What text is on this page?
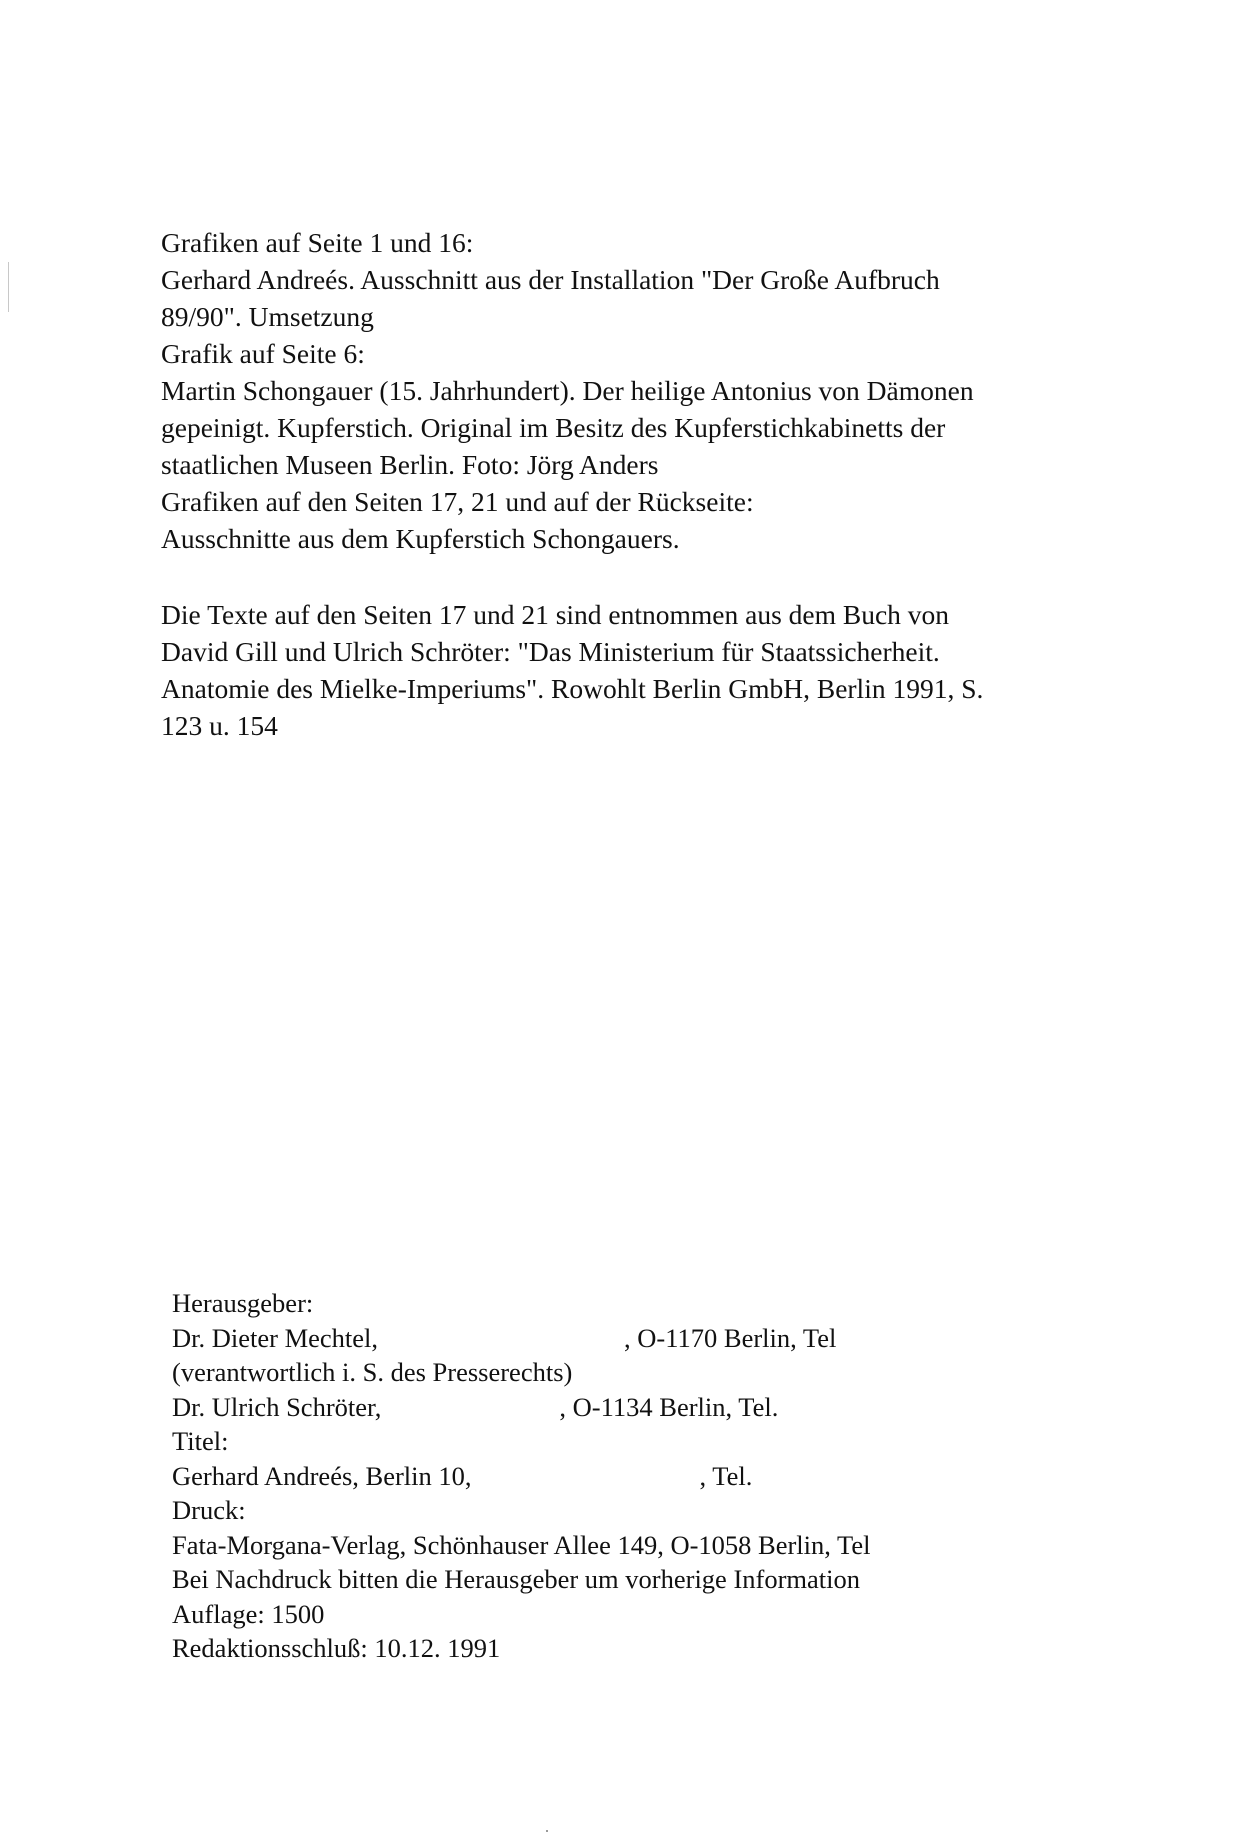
Grafiken auf Seite 1 und 16:

Gerhard Andreés. Ausschnitt aus der Installation "Der Große Aufbruch

89/90". Umsetzung

Grafik auf Seite 6:

Martin Schongauer (15. Jahrhundert). Der heilige Antonius von Dämonen

gepeinigt. Kupferstich. Original im Besitz des Kupferstichkabinetts der

staatlichen Museen Berlin. Foto: Jörg Anders

Grafiken auf den Seiten 17, 21 und auf der Rückseite:

Ausschnitte aus dem Kupferstich Schongauers.

Die Texte auf den Seiten 17 und 21 sind entnommen aus dem Buch von

David Gill und Ulrich Schröter: "Das Ministerium für Staatssicherheit.

Anatomie des Mielke-Imperiums". Rowohlt Berlin GmbH, Berlin 1991, S.

123 u. 154

Herausgeber:

Dr. Dieter Mechtel,	, O-1170 Berlin, Tel

(verantwortlich i. S. des Presserechts)

Dr. Ulrich Schröter,	, O-1134 Berlin, Tel.

Titel:

Gerhard Andreés, Berlin 10,	, Tel.

Druck:

Fata-Morgana-Verlag, Schönhauser Allee 149, O-1058 Berlin, Tel

Bei Nachdruck bitten die Herausgeber um vorherige Information

Auflage: 1500

Redaktionsschluß: 10.12. 1991
